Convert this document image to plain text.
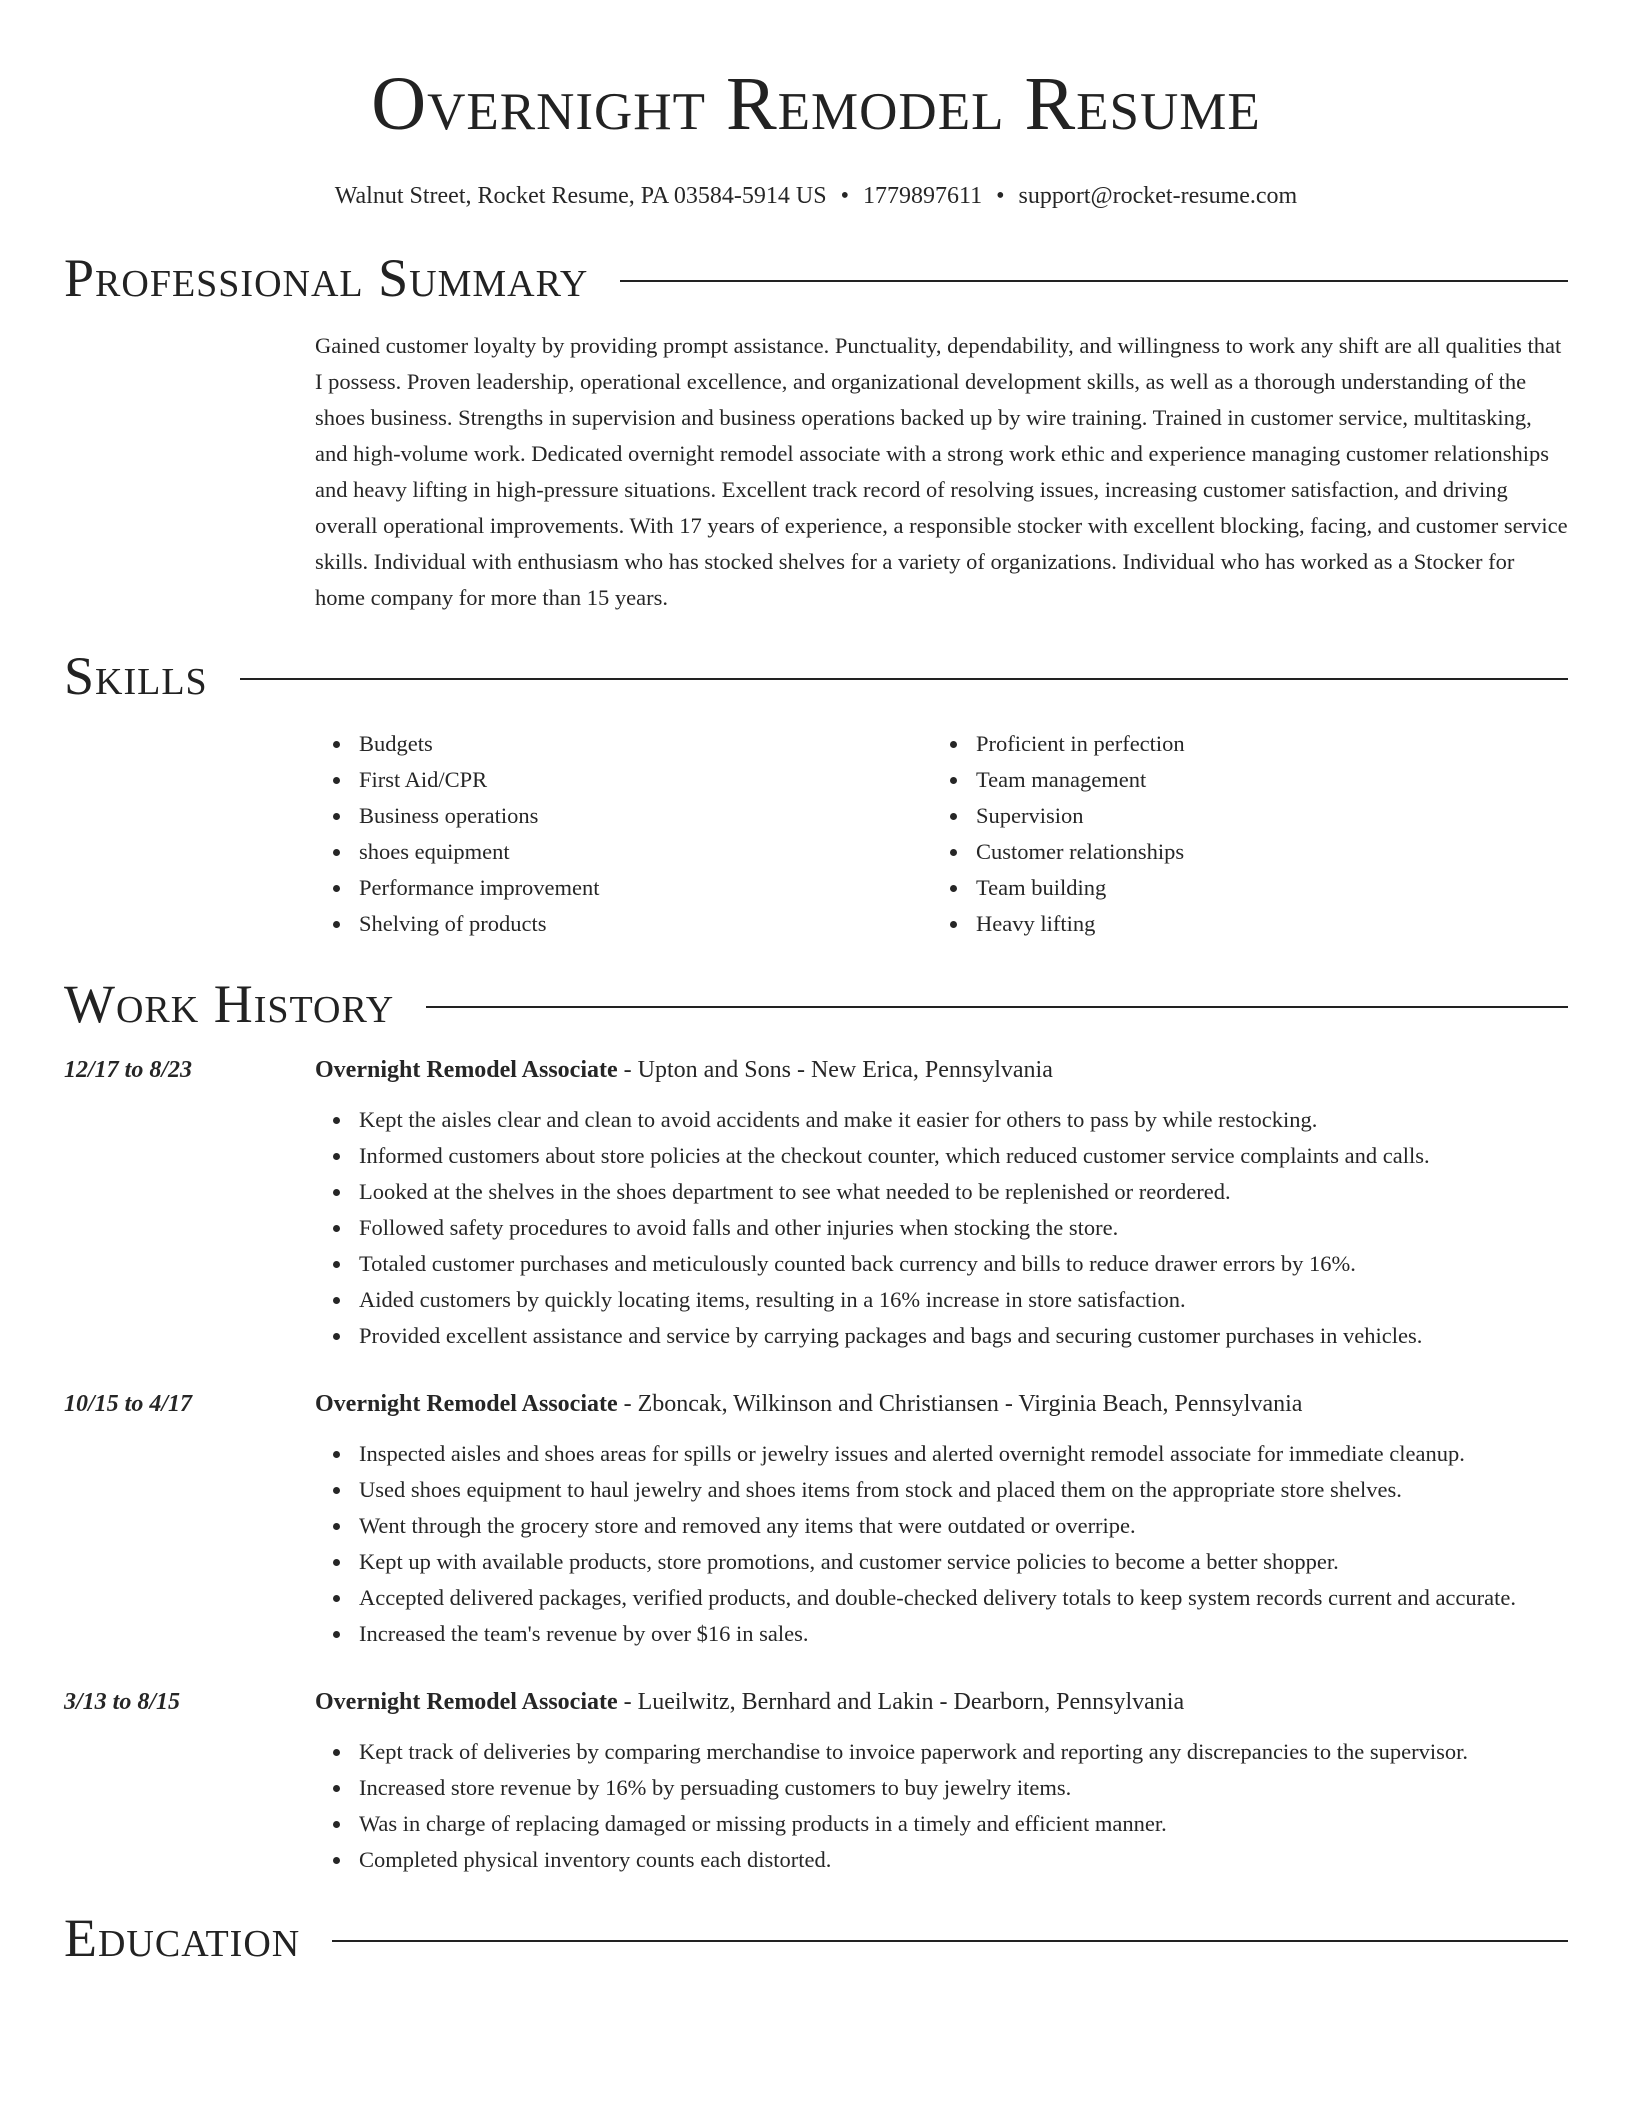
Overnight Remodel Resume
Walnut Street, Rocket Resume, PA 03584-5914 US • 1779897611 • support@rocket-resume.com
Professional Summary

Gained customer loyalty by providing prompt assistance. Punctuality, dependability, and willingness to work any shift are all qualities that I possess. Proven leadership, operational excellence, and organizational development skills, as well as a thorough understanding of the shoes business. Strengths in supervision and business operations backed up by wire training. Trained in customer service, multitasking, and high-volume work. Dedicated overnight remodel associate with a strong work ethic and experience managing customer relationships and heavy lifting in high-pressure situations. Excellent track record of resolving issues, increasing customer satisfaction, and driving overall operational improvements. With 17 years of experience, a responsible stocker with excellent blocking, facing, and customer service skills. Individual with enthusiasm who has stocked shelves for a variety of organizations. Individual who has worked as a Stocker for home company for more than 15 years.

Skills
Budgets
First Aid/CPR
Business operations
shoes equipment
Performance improvement
Shelving of products
Proficient in perfection
Team management
Supervision
Customer relationships
Team building
Heavy lifting
Work History
12/17 to 8/23	Overnight Remodel Associate - Upton and Sons - New Erica, Pennsylvania
Kept the aisles clear and clean to avoid accidents and make it easier for others to pass by while restocking.
Informed customers about store policies at the checkout counter, which reduced customer service complaints and calls.
Looked at the shelves in the shoes department to see what needed to be replenished or reordered.
Followed safety procedures to avoid falls and other injuries when stocking the store.
Totaled customer purchases and meticulously counted back currency and bills to reduce drawer errors by 16%.
Aided customers by quickly locating items, resulting in a 16% increase in store satisfaction.
Provided excellent assistance and service by carrying packages and bags and securing customer purchases in vehicles.
10/15 to 4/17	Overnight Remodel Associate - Zboncak, Wilkinson and Christiansen - Virginia Beach, Pennsylvania
Inspected aisles and shoes areas for spills or jewelry issues and alerted overnight remodel associate for immediate cleanup.
Used shoes equipment to haul jewelry and shoes items from stock and placed them on the appropriate store shelves.
Went through the grocery store and removed any items that were outdated or overripe.
Kept up with available products, store promotions, and customer service policies to become a better shopper.
Accepted delivered packages, verified products, and double-checked delivery totals to keep system records current and accurate.
Increased the team's revenue by over $16 in sales.
3/13 to 8/15	Overnight Remodel Associate - Lueilwitz, Bernhard and Lakin - Dearborn, Pennsylvania
Kept track of deliveries by comparing merchandise to invoice paperwork and reporting any discrepancies to the supervisor.
Increased store revenue by 16% by persuading customers to buy jewelry items.
Was in charge of replacing damaged or missing products in a timely and efficient manner.
Completed physical inventory counts each distorted.
Education
